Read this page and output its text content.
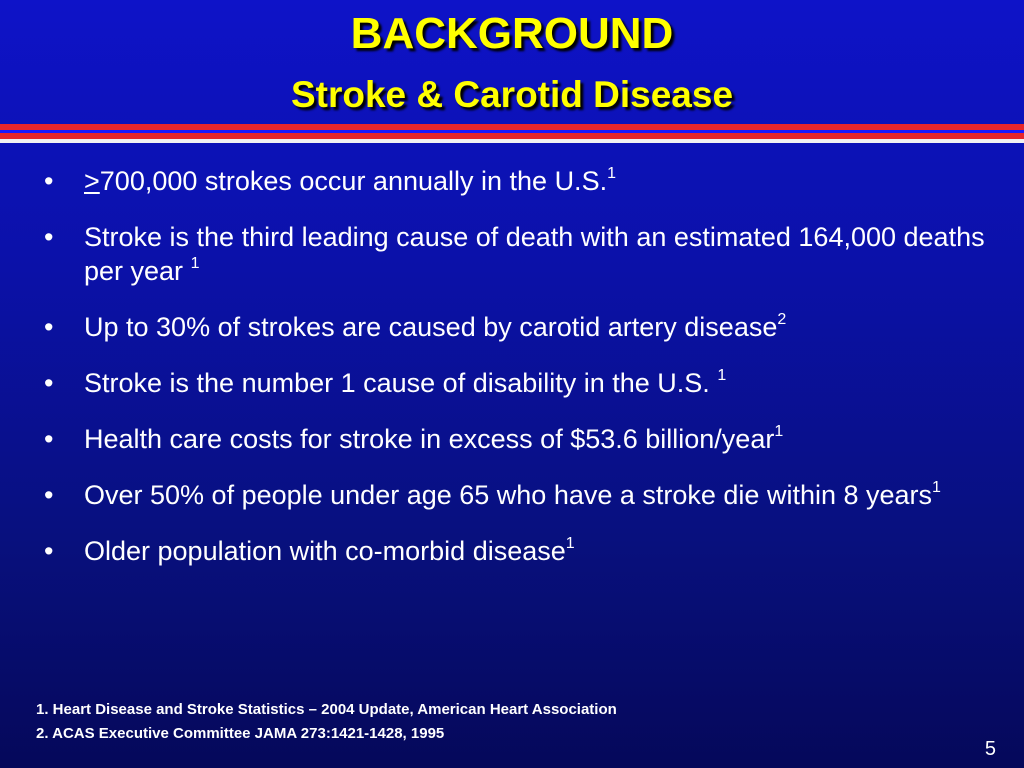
BACKGROUND
Stroke & Carotid Disease
• ≥700,000 strokes occur annually in the U.S.$^1$
• Stroke is the third leading cause of death with an estimated 164,000 deaths per year $^1$
• Up to 30% of strokes are caused by carotid artery disease$^2$
• Stroke is the number 1 cause of disability in the U.S. $^1$
• Health care costs for stroke in excess of $53.6 billion/year$^1$
• Over 50% of people under age 65 who have a stroke die within 8 years$^1$
• Older population with co-morbid disease$^1$
1. Heart Disease and Stroke Statistics – 2004 Update, American Heart Association
2. ACAS Executive Committee JAMA 273:1421-1428, 1995
5
